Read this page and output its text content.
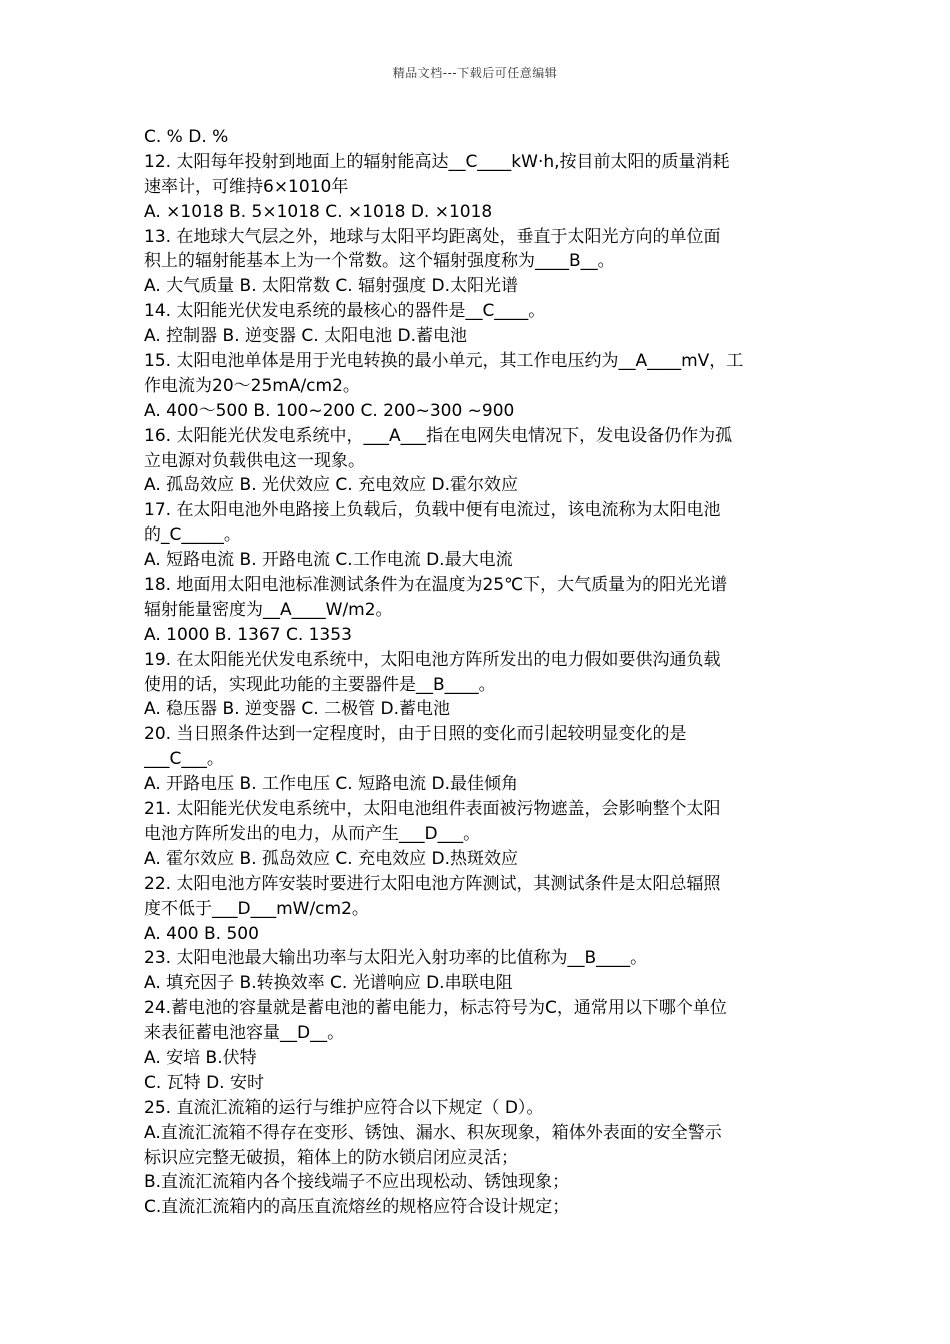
精品文档---下载后可任意编辑
C. % D. %
12. 太阳每年投射到地面上的辐射能高达__C____kW·h,按目前太阳的质量消耗
速率计，可维持6×1010年
A. ×1018 B. 5×1018 C. ×1018 D. ×1018
13. 在地球大气层之外，地球与太阳平均距离处，垂直于太阳光方向的单位面
积上的辐射能基本上为一个常数。这个辐射强度称为____B__。
A. 大气质量 B. 太阳常数 C. 辐射强度 D.太阳光谱
14. 太阳能光伏发电系统的最核心的器件是__C____。
A. 控制器 B. 逆变器 C. 太阳电池 D.蓄电池
15. 太阳电池单体是用于光电转换的最小单元，其工作电压约为__A____mV，工
作电流为20～25mA/cm2。
A. 400～500 B. 100~200 C. 200~300 ~900
16. 太阳能光伏发电系统中，___A___指在电网失电情况下，发电设备仍作为孤
立电源对负载供电这一现象。
A. 孤岛效应 B. 光伏效应 C. 充电效应 D.霍尔效应
17. 在太阳电池外电路接上负载后，负载中便有电流过，该电流称为太阳电池
的_C_____。
A. 短路电流 B. 开路电流 C.工作电流 D.最大电流
18. 地面用太阳电池标准测试条件为在温度为25℃下，大气质量为的阳光光谱
辐射能量密度为__A____W/m2。
A. 1000 B. 1367 C. 1353
19. 在太阳能光伏发电系统中，太阳电池方阵所发出的电力假如要供沟通负载
使用的话，实现此功能的主要器件是__B____。
A. 稳压器 B. 逆变器 C. 二极管 D.蓄电池
20. 当日照条件达到一定程度时，由于日照的变化而引起较明显变化的是
___C___。
A. 开路电压 B. 工作电压 C. 短路电流 D.最佳倾角
21. 太阳能光伏发电系统中，太阳电池组件表面被污物遮盖，会影响整个太阳
电池方阵所发出的电力，从而产生___D___。
A. 霍尔效应 B. 孤岛效应 C. 充电效应 D.热斑效应
22. 太阳电池方阵安装时要进行太阳电池方阵测试，其测试条件是太阳总辐照
度不低于___D___mW/cm2。
A. 400 B. 500
23. 太阳电池最大输出功率与太阳光入射功率的比值称为__B____。
A. 填充因子 B.转换效率 C. 光谱响应 D.串联电阻
24.蓄电池的容量就是蓄电池的蓄电能力，标志符号为C，通常用以下哪个单位
来表征蓄电池容量__D__。
A. 安培 B.伏特
C. 瓦特 D. 安时
25. 直流汇流箱的运行与维护应符合以下规定（ D）。
A.直流汇流箱不得存在变形、锈蚀、漏水、积灰现象，箱体外表面的安全警示
标识应完整无破损，箱体上的防水锁启闭应灵活；
B.直流汇流箱内各个接线端子不应出现松动、锈蚀现象；
C.直流汇流箱内的高压直流熔丝的规格应符合设计规定；
